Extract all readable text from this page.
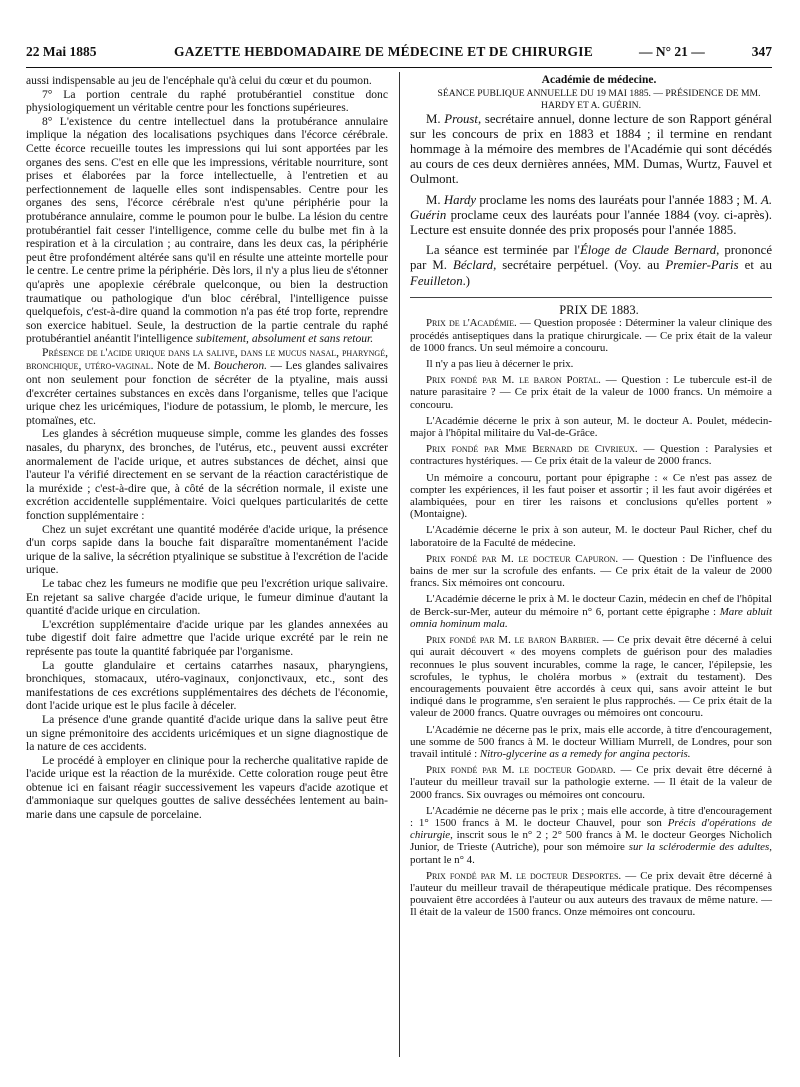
22 Mai 1885	GAZETTE HEBDOMADAIRE DE MÉDECINE ET DE CHIRURGIE	— N° 21 —	347

aussi indispensable au jeu de l'encéphale qu'à celui du cœur et du poumon.

7° La portion centrale du raphé protubérantiel constitue donc physiologiquement un véritable centre pour les fonctions supérieures.

8° L'existence du centre intellectuel dans la protubérance annulaire implique la négation des localisations psychiques dans l'écorce cérébrale. Cette écorce recueille toutes les impressions qui lui sont apportées par les organes des sens. C'est en elle que les impressions, véritable nourriture, sont prises et élaborées par la force intellectuelle, à l'entretien et au perfectionnement de laquelle elles sont indispensables. Centre pour les organes des sens, l'écorce cérébrale n'est qu'une périphérie pour la protubérance annulaire, comme le poumon pour le bulbe. La lésion du centre protubérantiel fait cesser l'intelligence, comme celle du bulbe met fin à la respiration et à la circulation ; au contraire, dans les deux cas, la périphérie peut être profondément altérée sans qu'il en résulte une atteinte mortelle pour le centre. Le centre prime la périphérie. Dès lors, il n'y a plus lieu de s'étonner qu'après une apoplexie cérébrale quelconque, ou bien la destruction traumatique ou pathologique d'un bloc cérébral, l'intelligence puisse quelquefois, c'est-à-dire quand la commotion n'a pas été trop forte, reprendre son exercice habituel. Seule, la destruction de la partie centrale du raphé protubérantiel anéantit l'intelligence subitement, absolument et sans retour.

Présence de l'acide urique dans la salive, dans le mucus nasal, pharyngé, bronchique, utéro-vaginal. Note de M. Boucheron. — Les glandes salivaires ont non seulement pour fonction de sécréter de la ptyaline, mais aussi d'excréter certaines substances en excès dans l'organisme, telles que l'acique urique chez les uricémiques, l'iodure de potassium, le plomb, le mercure, les ptomaïnes, etc.

Les glandes à sécrétion muqueuse simple, comme les glandes des fosses nasales, du pharynx, des bronches, de l'utérus, etc., peuvent aussi excréter anormalement de l'acide urique, et autres substances de déchet, ainsi que l'auteur l'a vérifié directement en se servant de la réaction caractéristique de la muréxide ; c'est-à-dire que, à côté de la sécrétion normale, il existe une excrétion accidentelle supplémentaire. Voici quelques particularités de cette fonction supplémentaire :

Chez un sujet excrétant une quantité modérée d'acide urique, la présence d'un corps sapide dans la bouche fait disparaître momentanément l'acide urique de la salive, la sécrétion ptyalinique se substitue à l'excrétion de l'acide urique.

Le tabac chez les fumeurs ne modifie que peu l'excrétion urique salivaire. En rejetant sa salive chargée d'acide urique, le fumeur diminue d'autant la quantité d'acide urique en circulation.

L'excrétion supplémentaire d'acide urique par les glandes annexées au tube digestif doit faire admettre que l'acide urique excrété par le rein ne représente pas toute la quantité fabriquée par l'organisme.

La goutte glandulaire et certains catarrhes nasaux, pharyngiens, bronchiques, stomacaux, utéro-vaginaux, conjonctivaux, etc., sont des manifestations de ces excrétions supplémentaires des déchets de l'économie, dont l'acide urique est le plus facile à déceler.

La présence d'une grande quantité d'acide urique dans la salive peut être un signe prémonitoire des accidents uricémiques et un signe diagnostique de la nature de ces accidents.

Le procédé à employer en clinique pour la recherche qualitative rapide de l'acide urique est la réaction de la muréxide. Cette coloration rouge peut être obtenue ici en faisant réagir successivement les vapeurs d'acide azotique et d'ammoniaque sur quelques gouttes de salive desséchées lentement au bain-marie dans une capsule de porcelaine.

Académie de médecine.

SÉANCE PUBLIQUE ANNUELLE DU 19 MAI 1885. — PRÉSIDENCE DE MM. HARDY ET A. GUÉRIN.

M. Proust, secrétaire annuel, donne lecture de son Rapport général sur les concours de prix en 1883 et 1884 ; il termine en rendant hommage à la mémoire des membres de l'Académie qui sont décédés au cours de ces deux dernières années, MM. Dumas, Wurtz, Fauvel et Oulmont.

M. Hardy proclame les noms des lauréats pour l'année 1883 ; M. A. Guérin proclame ceux des lauréats pour l'année 1884 (voy. ci-après). Lecture est ensuite donnée des prix proposés pour l'année 1885.

La séance est terminée par l'Éloge de Claude Bernard, prononcé par M. Béclard, secrétaire perpétuel. (Voy. au Premier-Paris et au Feuilleton.)

PRIX DE 1883.

Prix de l'Académie. — Question proposée : Déterminer la valeur clinique des procédés antiseptiques dans la pratique chirurgicale. — Ce prix était de la valeur de 1000 francs. Un seul mémoire a concouru.

Il n'y a pas lieu à décerner le prix.

Prix fondé par M. le baron Portal. — Question : Le tubercule est-il de nature parasitaire ? — Ce prix était de la valeur de 1000 francs. Un mémoire a concouru.

L'Académie décerne le prix à son auteur, M. le docteur A. Poulet, médecin-major à l'hôpital militaire du Val-de-Grâce.

Prix fondé par Mme Bernard de Civrieux. — Question : Paralysies et contractures hystériques. — Ce prix était de la valeur de 2000 francs.

Un mémoire a concouru, portant pour épigraphe : « Ce n'est pas assez de compter les expériences, il les faut poiser et assortir ; il les faut avoir digérées et alambiquées, pour en tirer les raisons et conclusions qu'elles portent » (Montaigne).

L'Académie décerne le prix à son auteur, M. le docteur Paul Richer, chef du laboratoire de la Faculté de médecine.

Prix fondé par M. le docteur Capuron. — Question : De l'influence des bains de mer sur la scrofule des enfants. — Ce prix était de la valeur de 2000 francs. Six mémoires ont concouru.

L'Académie décerne le prix à M. le docteur Cazin, médecin en chef de l'hôpital de Berck-sur-Mer, auteur du mémoire n° 6, portant cette épigraphe : Mare abluit omnia hominum mala.

Prix fondé par M. le baron Barbier. — Ce prix devait être décerné à celui qui aurait découvert « des moyens complets de guérison pour des maladies reconnues le plus souvent incurables, comme la rage, le cancer, l'épilepsie, les scrofules, le typhus, le choléra morbus » (extrait du testament). Des encouragements pouvaient être accordés à ceux qui, sans avoir atteint le but indiqué dans le programme, s'en seraient le plus rapprochés. — Ce prix était de la valeur de 2000 francs. Quatre ouvrages ou mémoires ont concouru.

L'Académie ne décerne pas le prix, mais elle accorde, à titre d'encouragement, une somme de 500 francs à M. le docteur William Murrell, de Londres, pour son travail intitulé : Nitro-glycerine as a remedy for angina pectoris.

Prix fondé par M. le docteur Godard. — Ce prix devait être décerné à l'auteur du meilleur travail sur la pathologie externe. — Il était de la valeur de 2000 francs. Six ouvrages ou mémoires ont concouru.

L'Académie ne décerne pas le prix ; mais elle accorde, à titre d'encouragement : 1° 1500 francs à M. le docteur Chauvel, pour son Précis d'opérations de chirurgie, inscrit sous le n° 2 ; 2° 500 francs à M. le docteur Georges Nicholich Junior, de Trieste (Autriche), pour son mémoire sur la sclérodermie des adultes, portant le n° 4.

Prix fondé par M. le docteur Desportes. — Ce prix devait être décerné à l'auteur du meilleur travail de thérapeutique médicale pratique. Des récompenses pouvaient être accordées à l'auteur ou aux auteurs des travaux de même nature. — Il était de la valeur de 1500 francs. Onze mémoires ont concouru.
